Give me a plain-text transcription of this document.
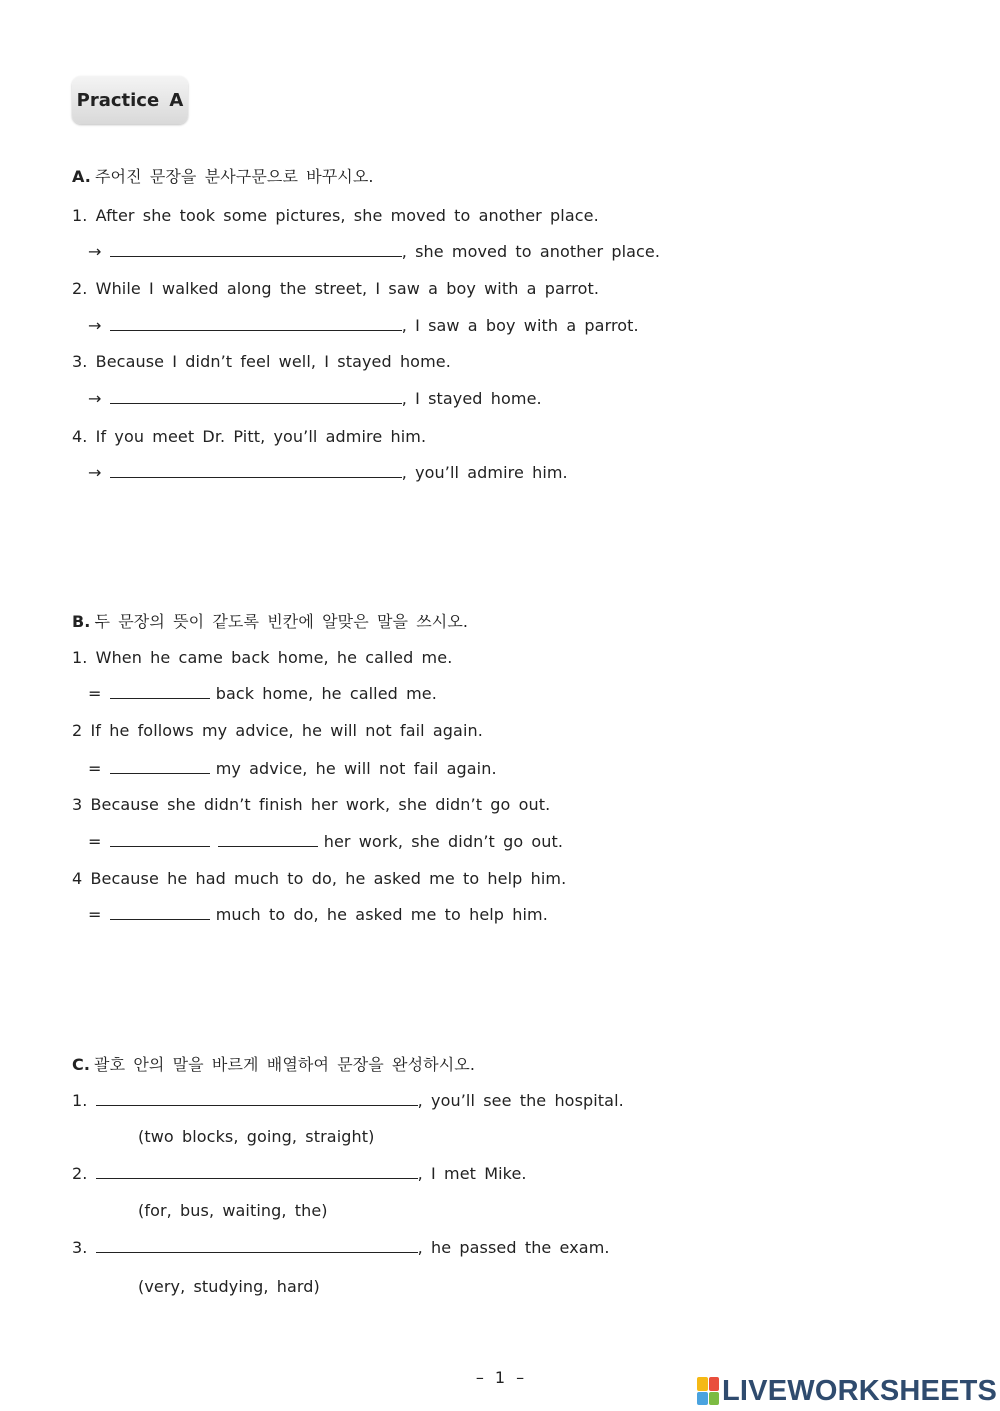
Practice A
A. 주어진 문장을 분사구문으로 바꾸시오.
1. After she took some pictures, she moved to another place.
→	, she moved to another place.
2. While I walked along the street, I saw a boy with a parrot.
→	, I saw a boy with a parrot.
3. Because I didn’t feel well, I stayed home.
→	, I stayed home.
4. If you meet Dr. Pitt, you’ll admire him.
→	, you’ll admire him.
B. 두 문장의 뜻이 같도록 빈칸에 알맞은 말을 쓰시오.
1. When he came back home, he called me.
=	back home, he called me.
2 If he follows my advice, he will not fail again.
=	my advice, he will not fail again.
3 Because she didn’t finish her work, she didn’t go out.
=	her work, she didn’t go out.
4 Because he had much to do, he asked me to help him.
=	much to do, he asked me to help him.
C. 괄호 안의 말을 바르게 배열하여 문장을 완성하시오.
1.	, you’ll see the hospital.
(two blocks, going, straight)
2.	, I met Mike.
(for, bus, waiting, the)
3.	, he passed the exam.
(very, studying, hard)
– 1 –	LIVEWORKSHEETS
